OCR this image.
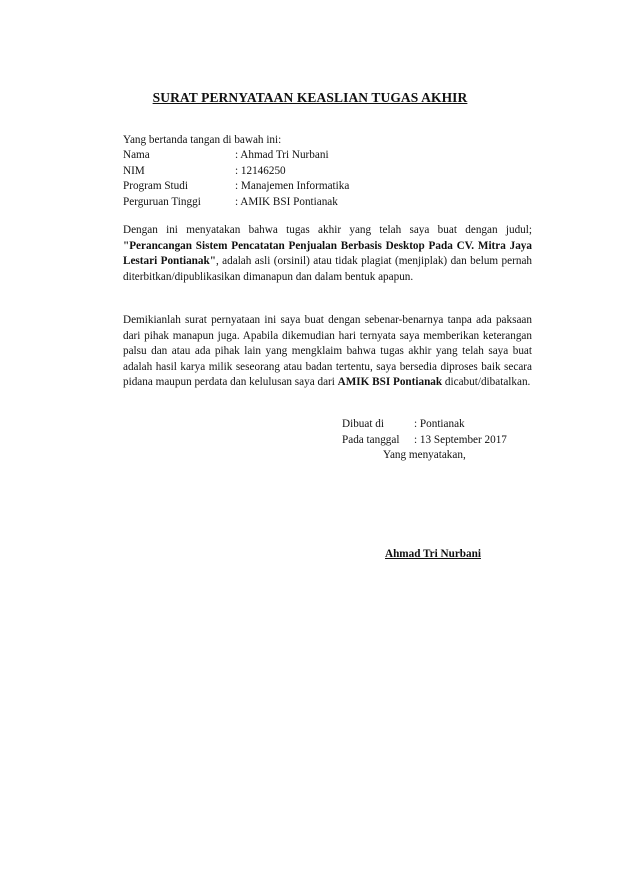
SURAT PERNYATAAN KEASLIAN TUGAS AKHIR
Yang bertanda tangan di bawah ini:
Nama	: Ahmad Tri Nurbani
NIM	: 12146250
Program Studi	: Manajemen Informatika
Perguruan Tinggi	: AMIK BSI Pontianak

Dengan ini menyatakan bahwa tugas akhir yang telah saya buat dengan judul; "Perancangan Sistem Pencatatan Penjualan Berbasis Desktop Pada CV. Mitra Jaya Lestari Pontianak", adalah asli (orsinil) atau tidak plagiat (menjiplak) dan belum pernah diterbitkan/dipublikasikan dimanapun dan dalam bentuk apapun.

Demikianlah surat pernyataan ini saya buat dengan sebenar-benarnya tanpa ada paksaan dari pihak manapun juga. Apabila dikemudian hari ternyata saya memberikan keterangan palsu dan atau ada pihak lain yang mengklaim bahwa tugas akhir yang telah saya buat adalah hasil karya milik seseorang atau badan tertentu, saya bersedia diproses baik secara pidana maupun perdata dan kelulusan saya dari AMIK BSI Pontianak dicabut/dibatalkan.

Dibuat di	: Pontianak
Pada tanggal : 13 September 2017
Yang menyatakan,
Ahmad Tri Nurbani
